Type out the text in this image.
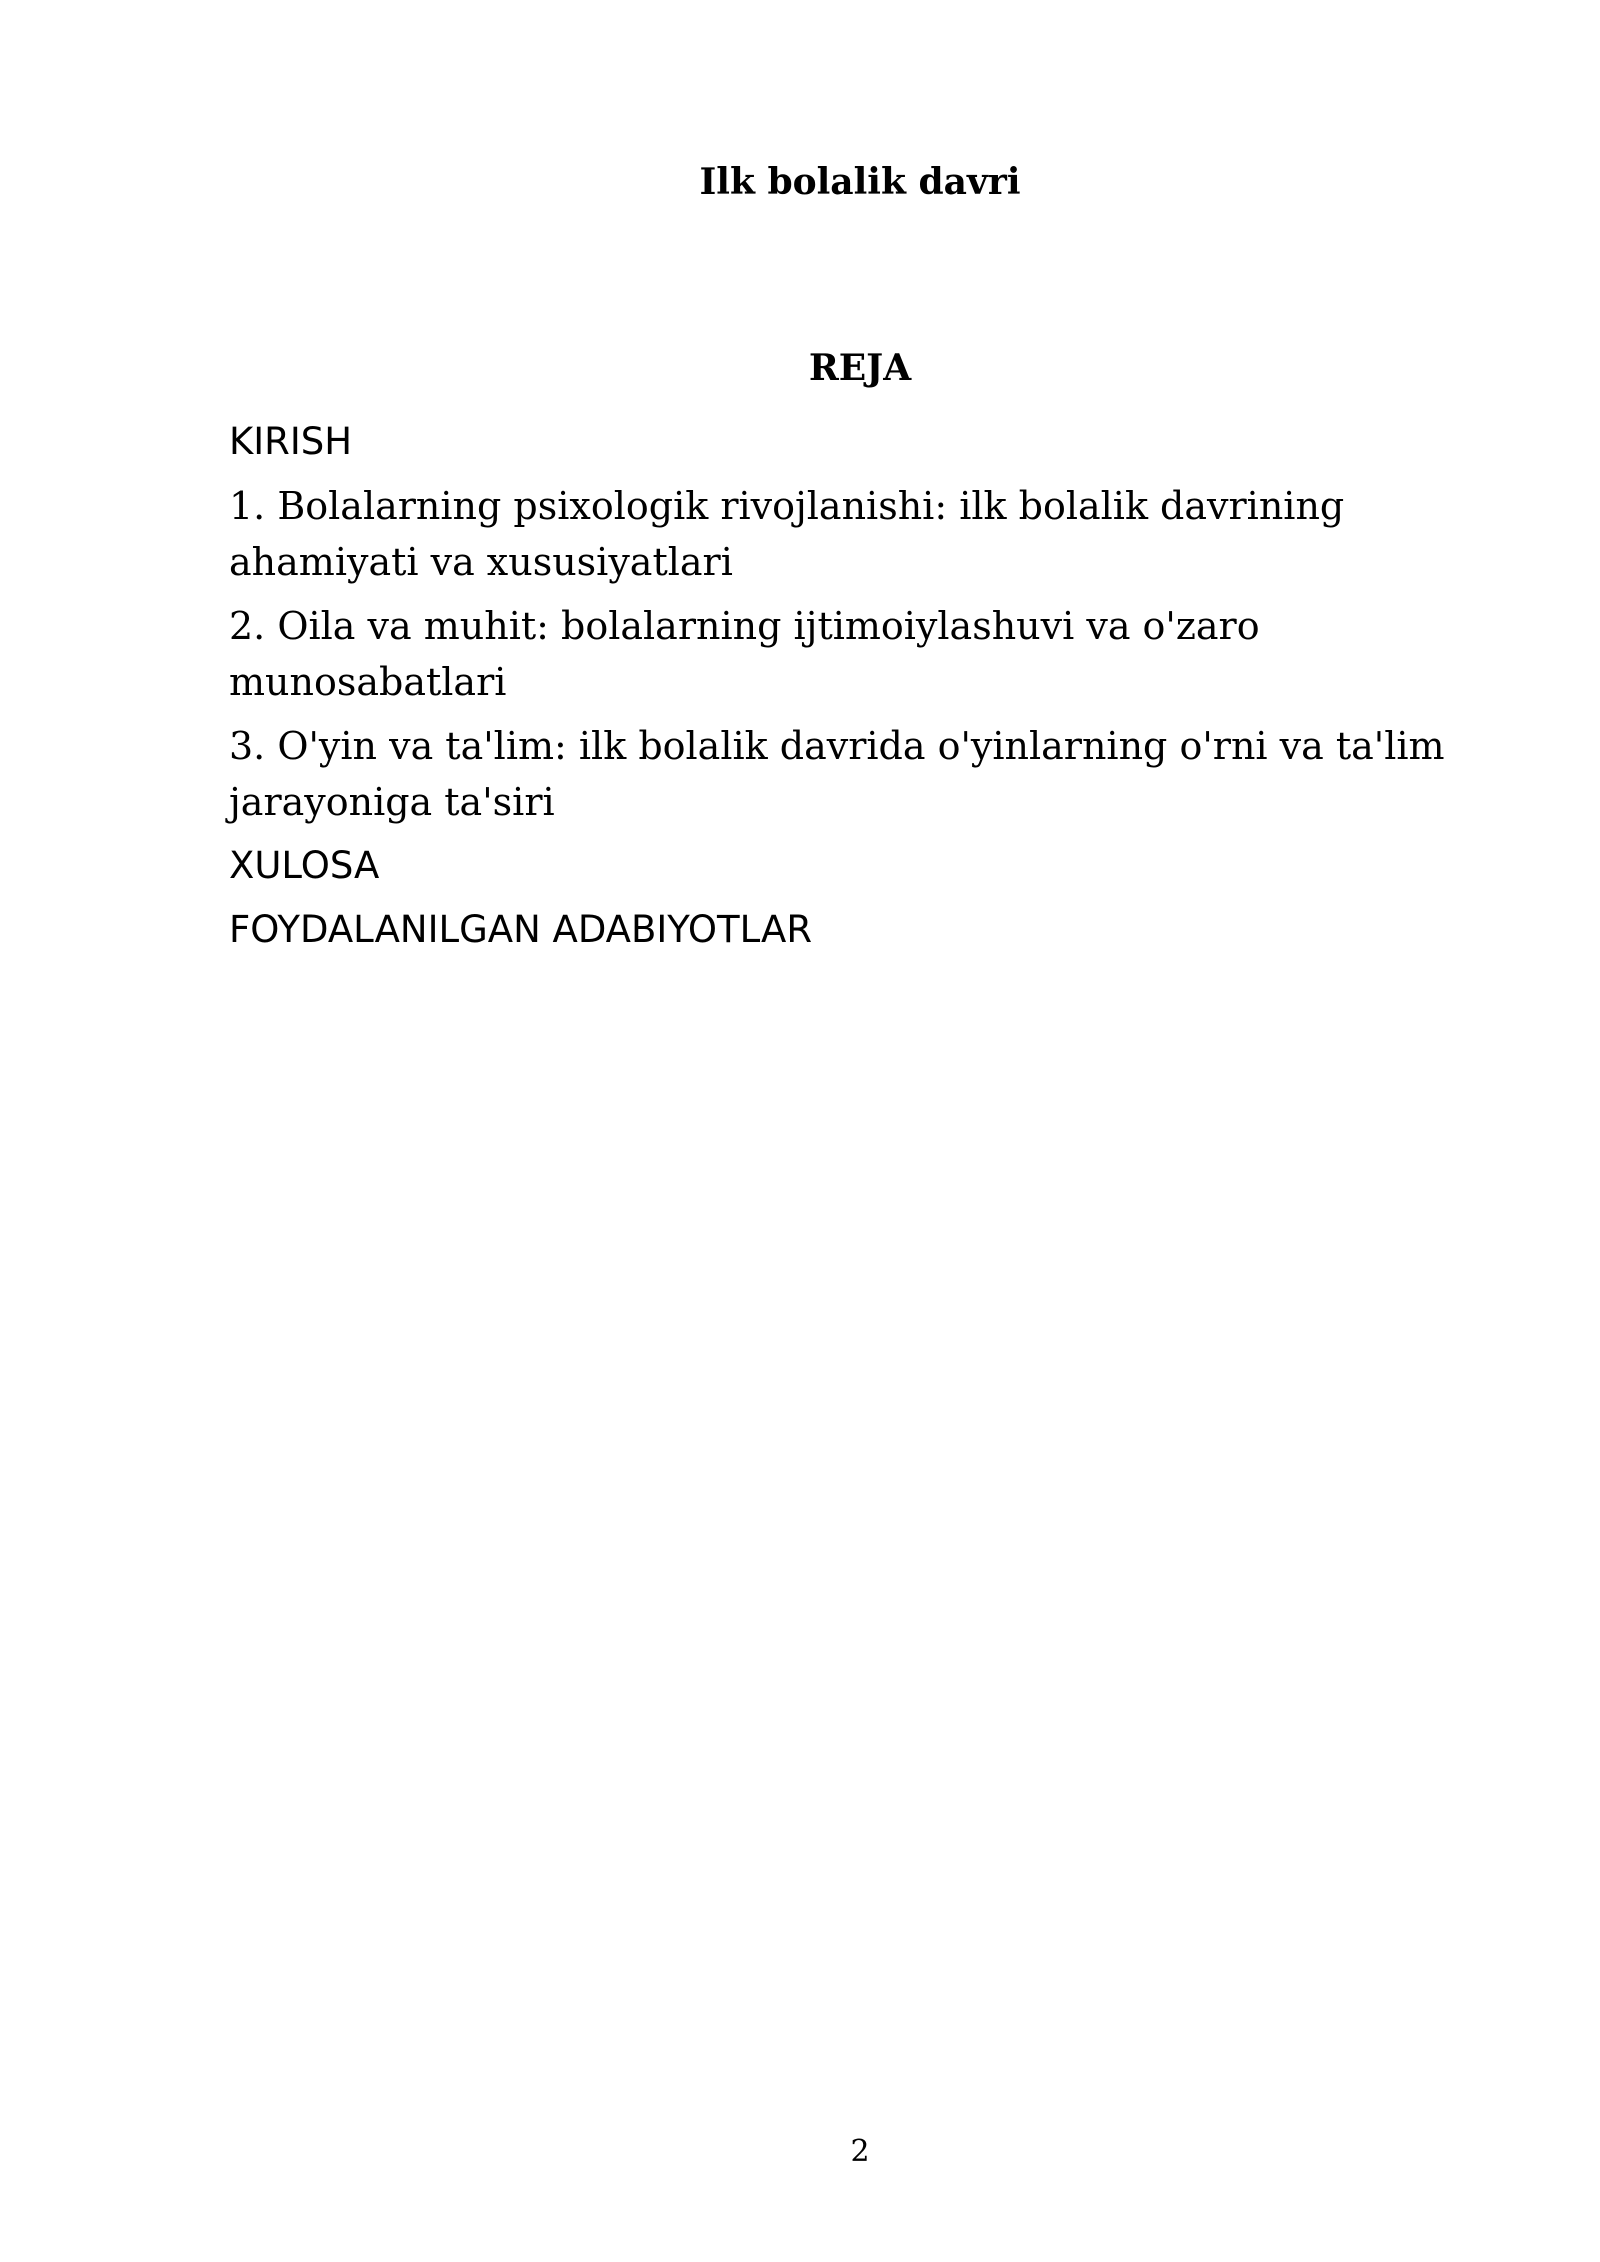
Ilk bolalik davri
REJA
KIRISH
1. Bolalarning psixologik rivojlanishi: ilk bolalik davrining ahamiyati va xususiyatlari
2. Oila va muhit: bolalarning ijtimoiylashuvi va o'zaro munosabatlari
3. O'yin va ta'lim: ilk bolalik davrida o'yinlarning o'rni va ta'lim jarayoniga ta'siri
XULOSA
FOYDALANILGAN ADABIYOTLAR
2
